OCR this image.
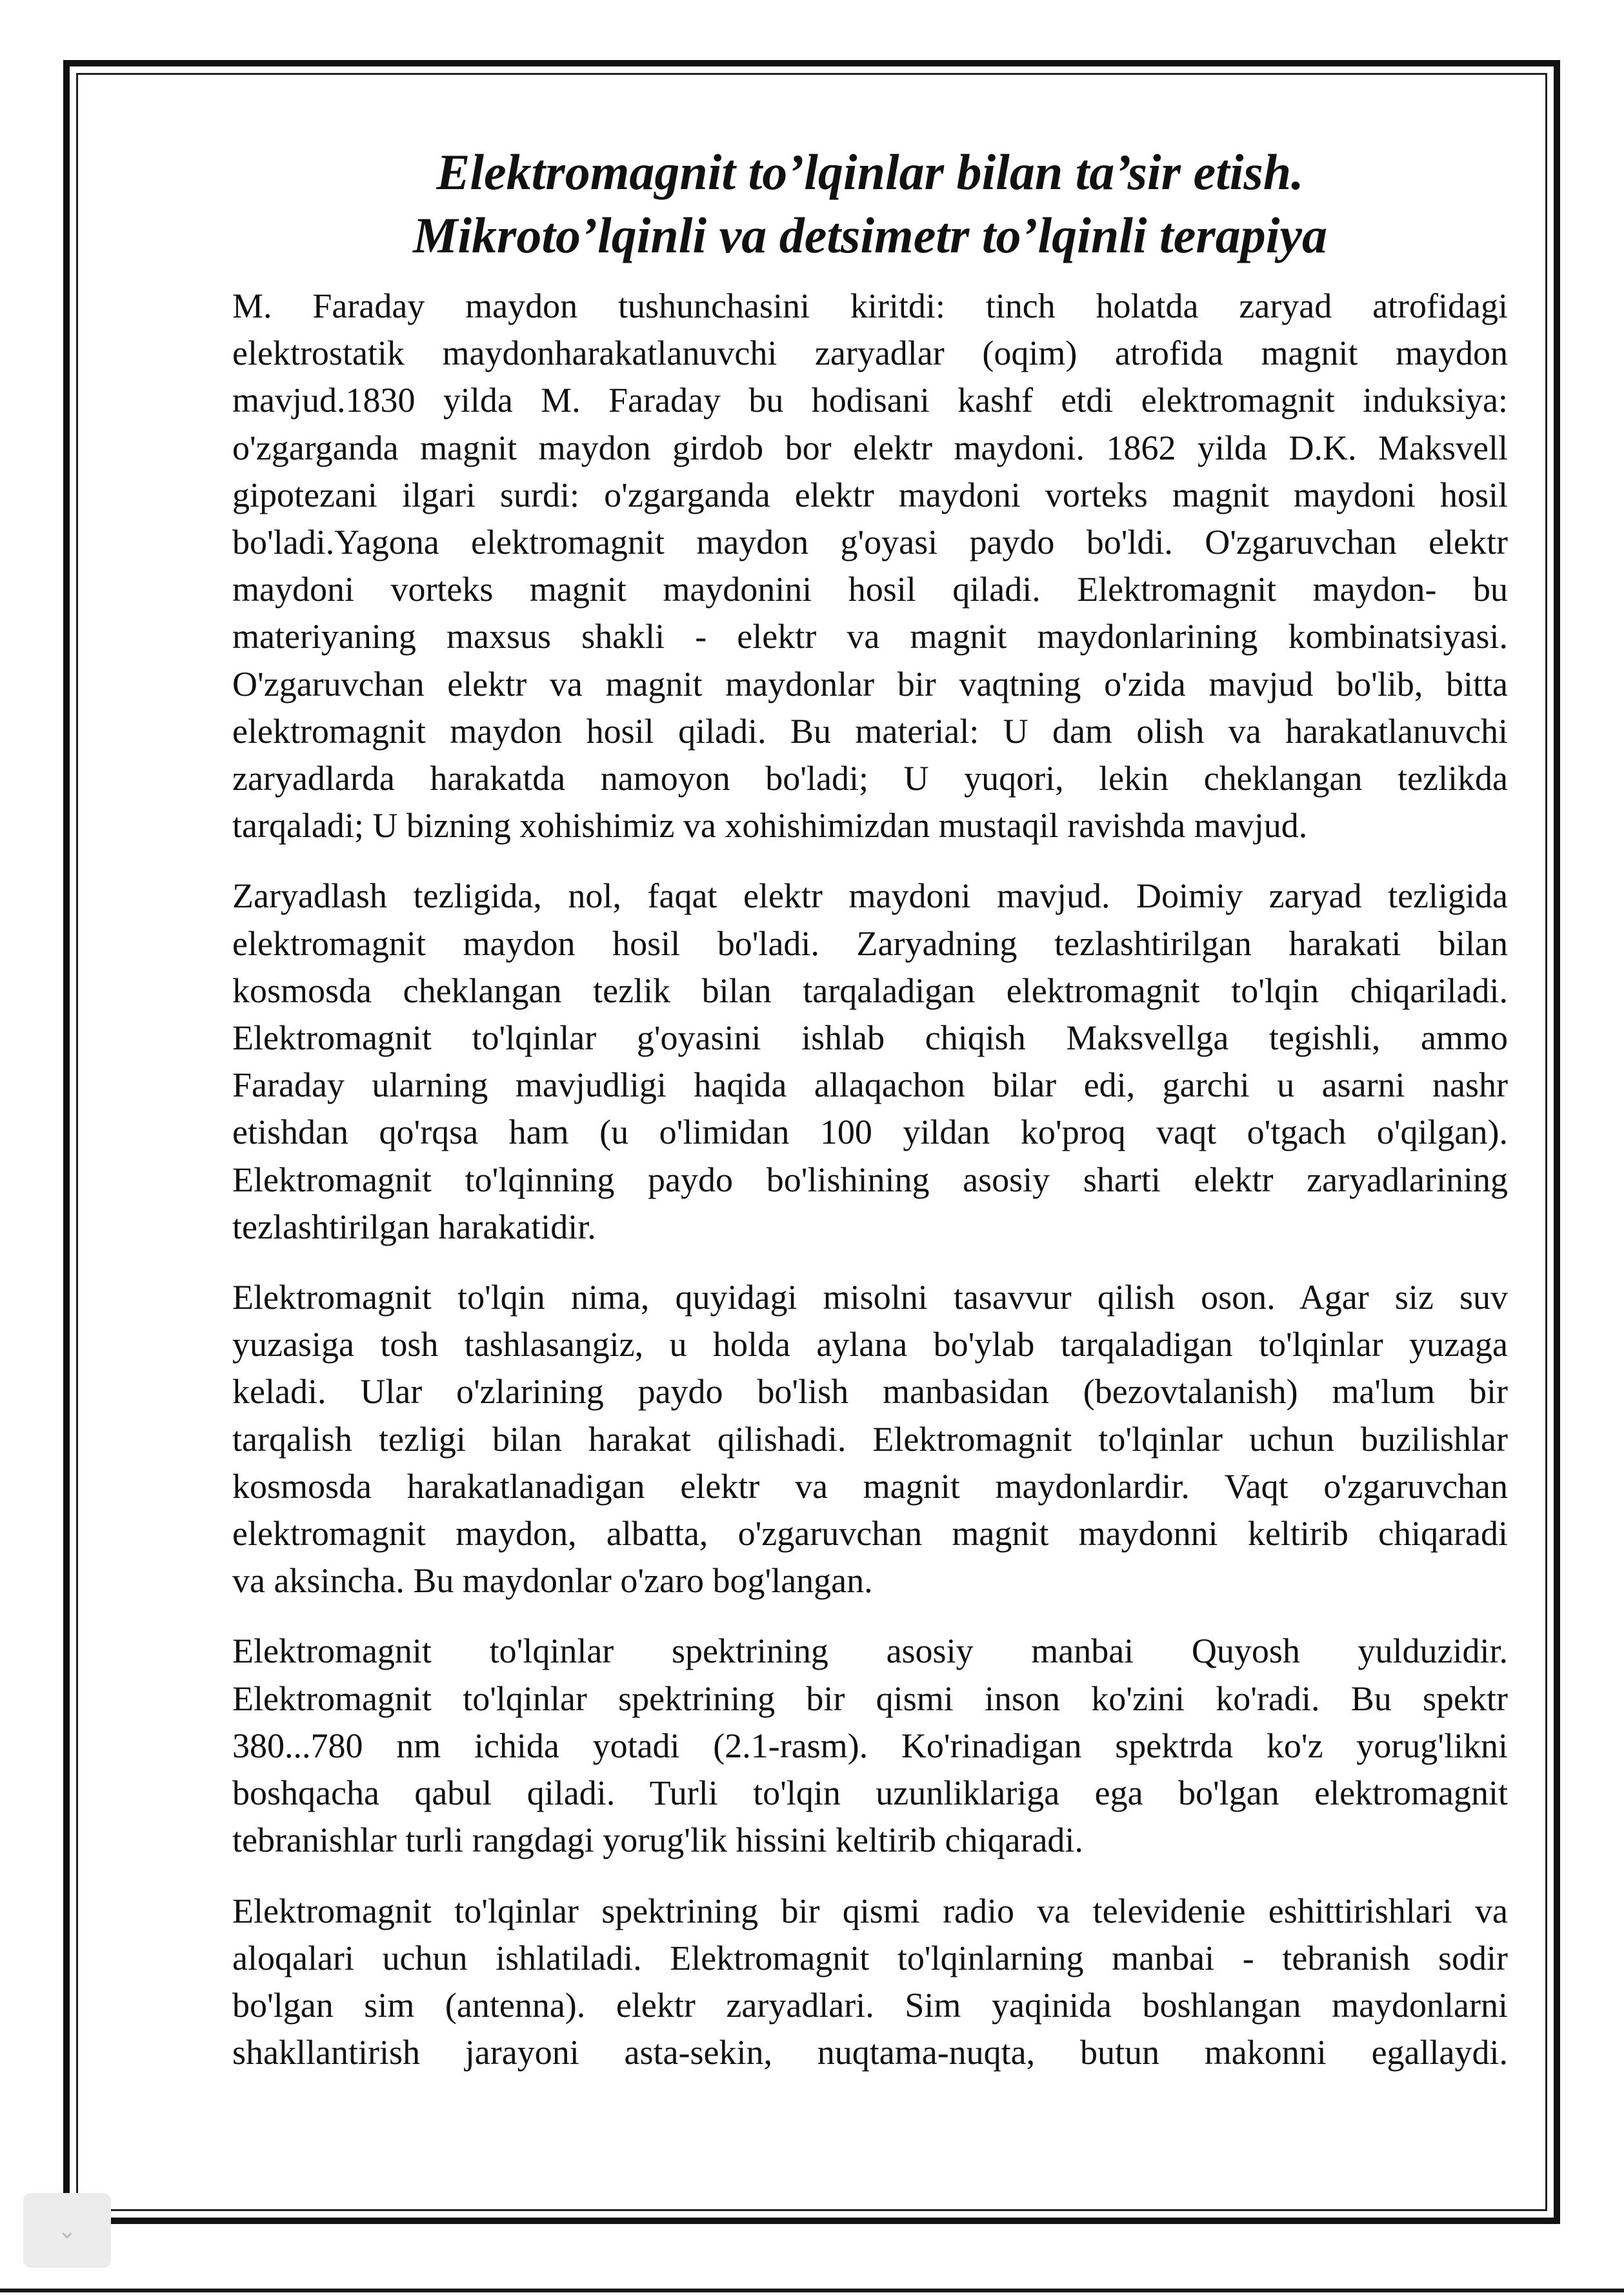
Elektromagnit to’lqinlar bilan ta’sir etish.
Mikroto’lqinli va detsimetr to’lqinli terapiya
M. Faraday maydon tushunchasini kiritdi: tinch holatda zaryad atrofidagi
elektrostatik maydonharakatlanuvchi zaryadlar (oqim) atrofida magnit maydon
mavjud.1830 yilda M. Faraday bu hodisani kashf etdi elektromagnit induksiya:
o'zgarganda magnit maydon girdob bor elektr maydoni. 1862 yilda D.K. Maksvell
gipotezani ilgari surdi: o'zgarganda elektr maydoni vorteks magnit maydoni hosil
bo'ladi.Yagona elektromagnit maydon g'oyasi paydo bo'ldi. O'zgaruvchan elektr
maydoni vorteks magnit maydonini hosil qiladi. Elektromagnit maydon- bu
materiyaning maxsus shakli - elektr va magnit maydonlarining kombinatsiyasi.
O'zgaruvchan elektr va magnit maydonlar bir vaqtning o'zida mavjud bo'lib, bitta
elektromagnit maydon hosil qiladi. Bu material: U dam olish va harakatlanuvchi
zaryadlarda harakatda namoyon bo'ladi; U yuqori, lekin cheklangan tezlikda
tarqaladi; U bizning xohishimiz va xohishimizdan mustaqil ravishda mavjud.
Zaryadlash tezligida, nol, faqat elektr maydoni mavjud. Doimiy zaryad tezligida
elektromagnit maydon hosil bo'ladi. Zaryadning tezlashtirilgan harakati bilan
kosmosda cheklangan tezlik bilan tarqaladigan elektromagnit to'lqin chiqariladi.
Elektromagnit to'lqinlar g'oyasini ishlab chiqish Maksvellga tegishli, ammo
Faraday ularning mavjudligi haqida allaqachon bilar edi, garchi u asarni nashr
etishdan qo'rqsa ham (u o'limidan 100 yildan ko'proq vaqt o'tgach o'qilgan).
Elektromagnit to'lqinning paydo bo'lishining asosiy sharti elektr zaryadlarining
tezlashtirilgan harakatidir.
Elektromagnit to'lqin nima, quyidagi misolni tasavvur qilish oson. Agar siz suv
yuzasiga tosh tashlasangiz, u holda aylana bo'ylab tarqaladigan to'lqinlar yuzaga
keladi. Ular o'zlarining paydo bo'lish manbasidan (bezovtalanish) ma'lum bir
tarqalish tezligi bilan harakat qilishadi. Elektromagnit to'lqinlar uchun buzilishlar
kosmosda harakatlanadigan elektr va magnit maydonlardir. Vaqt o'zgaruvchan
elektromagnit maydon, albatta, o'zgaruvchan magnit maydonni keltirib chiqaradi
va aksincha. Bu maydonlar o'zaro bog'langan.
Elektromagnit to'lqinlar spektrining asosiy manbai Quyosh yulduzidir.
Elektromagnit to'lqinlar spektrining bir qismi inson ko'zini ko'radi. Bu spektr
380...780 nm ichida yotadi (2.1-rasm). Ko'rinadigan spektrda ko'z yorug'likni
boshqacha qabul qiladi. Turli to'lqin uzunliklariga ega bo'lgan elektromagnit
tebranishlar turli rangdagi yorug'lik hissini keltirib chiqaradi.
Elektromagnit to'lqinlar spektrining bir qismi radio va televidenie eshittirishlari va
aloqalari uchun ishlatiladi. Elektromagnit to'lqinlarning manbai - tebranish sodir
bo'lgan sim (antenna). elektr zaryadlari. Sim yaqinida boshlangan maydonlarni
shakllantirish jarayoni asta-sekin, nuqtama-nuqta, butun makonni egallaydi.
⌄
